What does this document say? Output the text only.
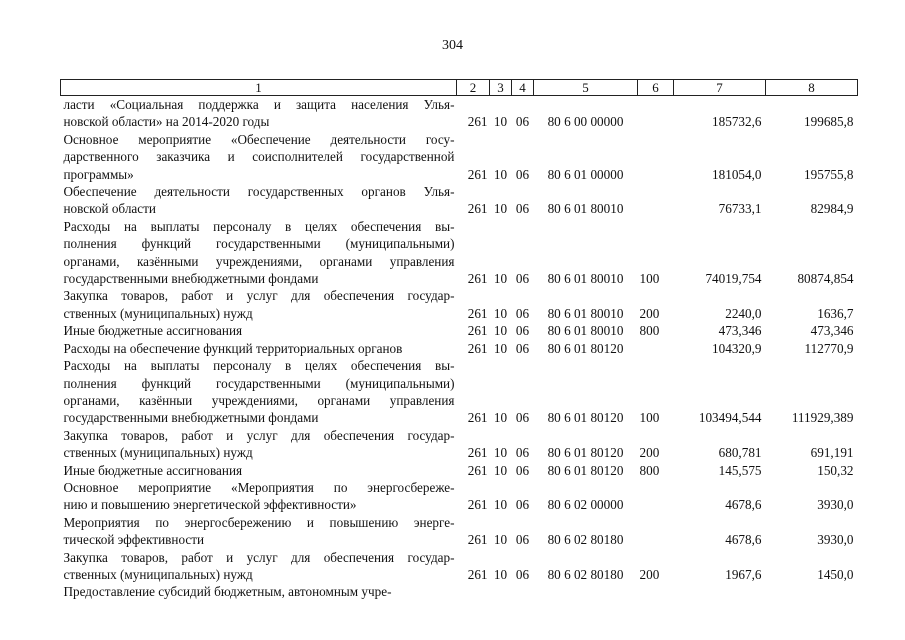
304
1	2	3	4	5	6	7	8

ласти «Социальная поддержка и защита населения Улья-
новской области» на 2014-2020 годы	261	10	06	80 6 00 00000		185732,6	199685,8

Основное мероприятие «Обеспечение деятельности госу-
дарственного заказчика и соисполнителей государственной
программы»	261	10	06	80 6 01 00000		181054,0	195755,8

Обеспечение деятельности государственных органов Улья-
новской области	261	10	06	80 6 01 80010		76733,1	82984,9

Расходы на выплаты персоналу в целях обеспечения вы-
полнения функций государственными (муниципальными)
органами, казёнными учреждениями, органами управления
государственными внебюджетными фондами	261	10	06	80 6 01 80010	100	74019,754	80874,854

Закупка товаров, работ и услуг для обеспечения государ-
ственных (муниципальных) нужд	261	10	06	80 6 01 80010	200	2240,0	1636,7

Иные бюджетные ассигнования	261	10	06	80 6 01 80010	800	473,346	473,346

Расходы на обеспечение функций территориальных органов	261	10	06	80 6 01 80120		104320,9	112770,9

Расходы на выплаты персоналу в целях обеспечения вы-
полнения функций государственными (муниципальными)
органами, казённыи учреждениями, органами управления
государственными внебюджетными фондами	261	10	06	80 6 01 80120	100	103494,544	111929,389

Закупка товаров, работ и услуг для обеспечения государ-
ственных (муниципальных) нужд	261	10	06	80 6 01 80120	200	680,781	691,191

Иные бюджетные ассигнования	261	10	06	80 6 01 80120	800	145,575	150,32

Основное мероприятие «Мероприятия по энергосбереже-
нию и повышению энергетической эффективности»	261	10	06	80 6 02 00000		4678,6	3930,0

Мероприятия по энергосбережению и повышению энерге-
тической эффективности	261	10	06	80 6 02 80180		4678,6	3930,0

Закупка товаров, работ и услуг для обеспечения государ-
ственных (муниципальных) нужд	261	10	06	80 6 02 80180	200	1967,6	1450,0

Предоставление субсидий бюджетным, автономным учре-							
